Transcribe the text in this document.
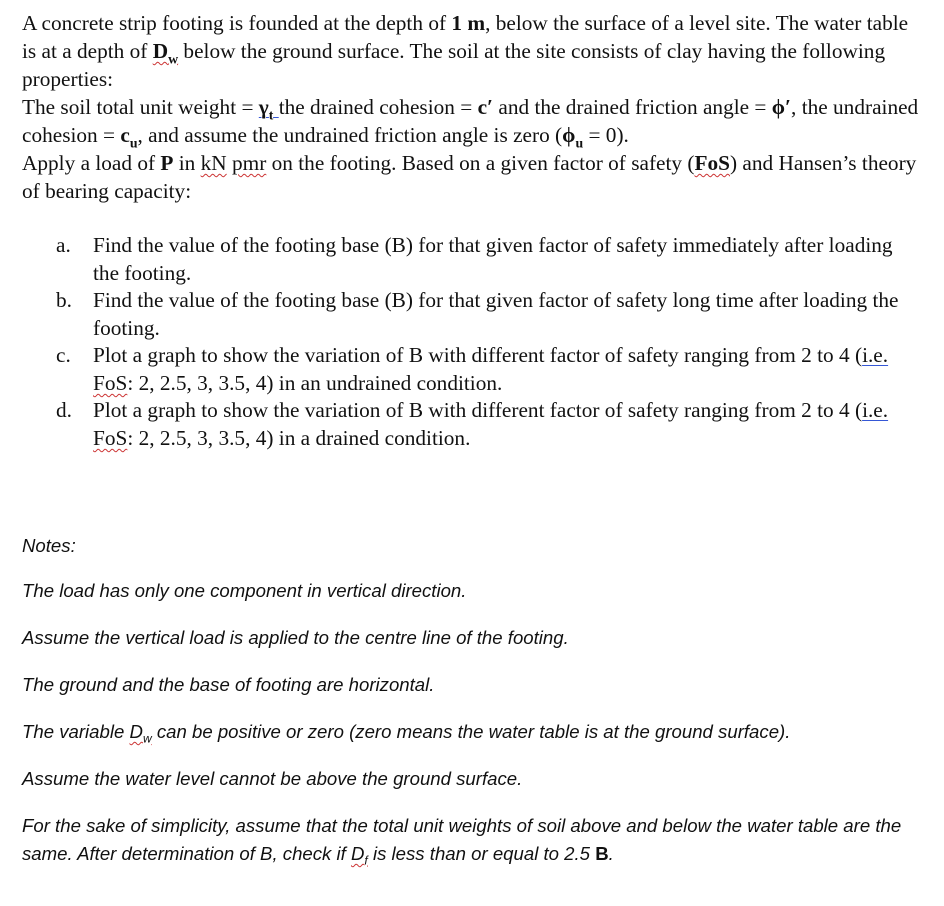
A concrete strip footing is founded at the depth of 1 m, below the surface of a level site. The water table is at a depth of $D_w$ below the ground surface. The soil at the site consists of clay having the following properties:

The soil total unit weight = $\gamma_t$ the drained cohesion = c′ and the drained friction angle = ϕ′, the undrained cohesion = $c_u$, and assume the undrained friction angle is zero $(\phi_u = 0)$.

Apply a load of P in kN pmr on the footing. Based on a given factor of safety (FoS) and Hansen’s theory of bearing capacity:

a. Find the value of the footing base (B) for that given factor of safety immediately after loading the footing.
b. Find the value of the footing base (B) for that given factor of safety long time after loading the footing.
c. Plot a graph to show the variation of B with different factor of safety ranging from 2 to 4 (i.e. FoS: 2, 2.5, 3, 3.5, 4) in an undrained condition.
d. Plot a graph to show the variation of B with different factor of safety ranging from 2 to 4 (i.e. FoS: 2, 2.5, 3, 3.5, 4) in a drained condition.

Notes:

The load has only one component in vertical direction.

Assume the vertical load is applied to the centre line of the footing.

The ground and the base of footing are horizontal.

The variable $D_w$ can be positive or zero (zero means the water table is at the ground surface).

Assume the water level cannot be above the ground surface.

For the sake of simplicity, assume that the total unit weights of soil above and below the water table are the same. After determination of B, check if $D_f$ is less than or equal to 2.5 B.
